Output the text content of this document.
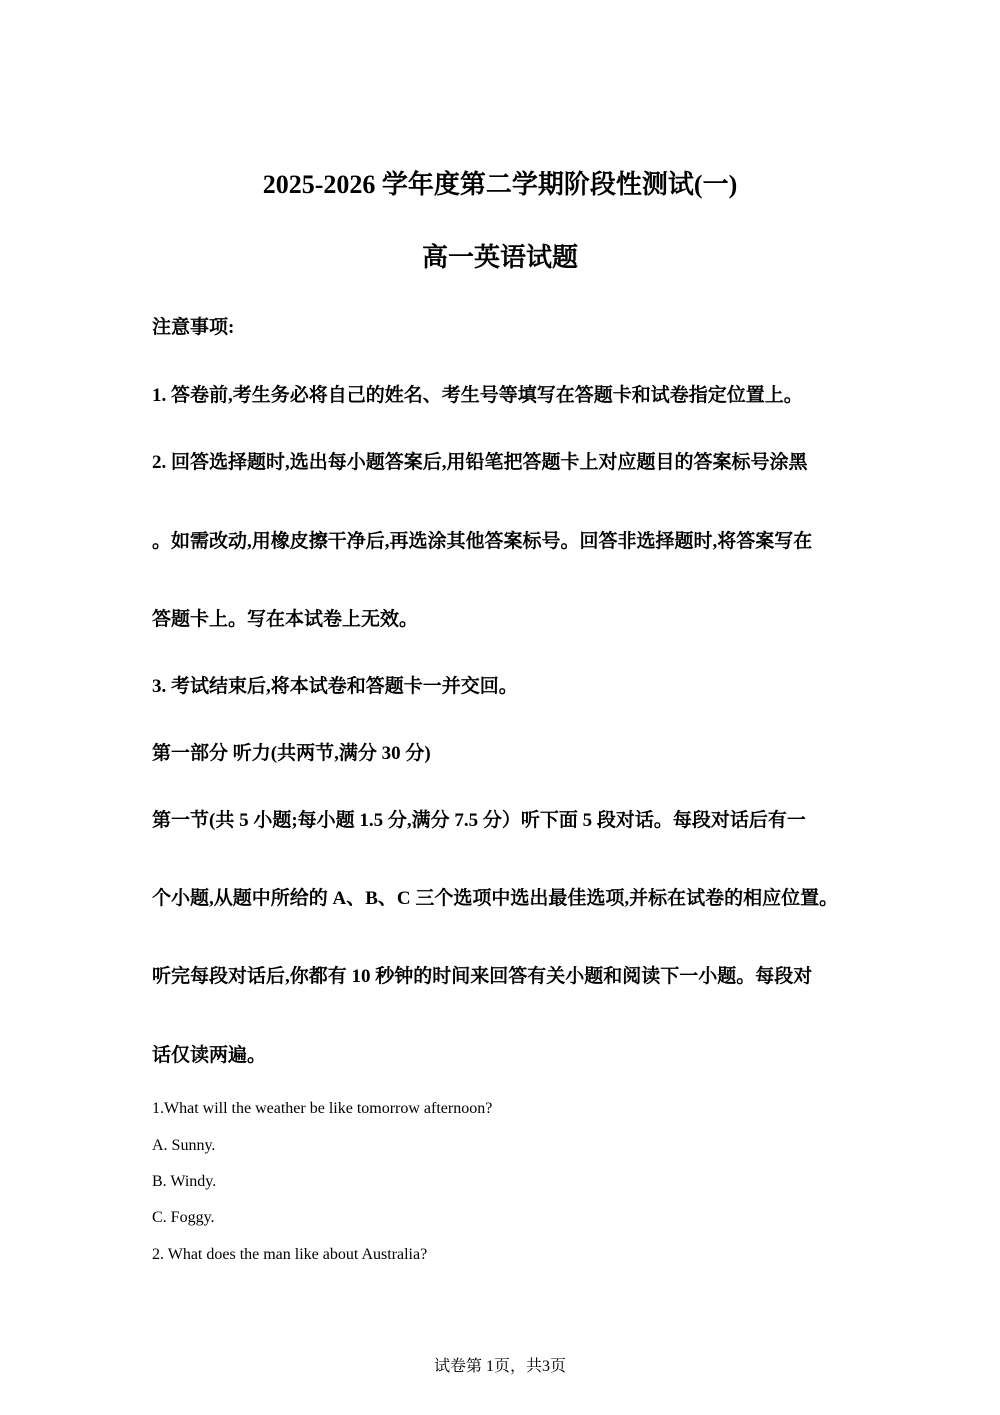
2025-2026 学年度第二学期阶段性测试(一)
高一英语试题
注意事项:
1. 答卷前,考生务必将自己的姓名、考生号等填写在答题卡和试卷指定位置上。
2. 回答选择题时,选出每小题答案后,用铅笔把答题卡上对应题目的答案标号涂黑
。如需改动,用橡皮擦干净后,再选涂其他答案标号。回答非选择题时,将答案写在
答题卡上。写在本试卷上无效。
3. 考试结束后,将本试卷和答题卡一并交回。
第一部分 听力(共两节,满分 30 分)
第一节(共 5 小题;每小题 1.5 分,满分 7.5 分）听下面 5 段对话。每段对话后有一
个小题,从题中所给的 A、B、C 三个选项中选出最佳选项,并标在试卷的相应位置。
听完每段对话后,你都有 10 秒钟的时间来回答有关小题和阅读下一小题。每段对
话仅读两遍。
1.What will the weather be like tomorrow afternoon?
A. Sunny.
B. Windy.
C. Foggy.
2. What does the man like about Australia?
试卷第 1页，共3页
